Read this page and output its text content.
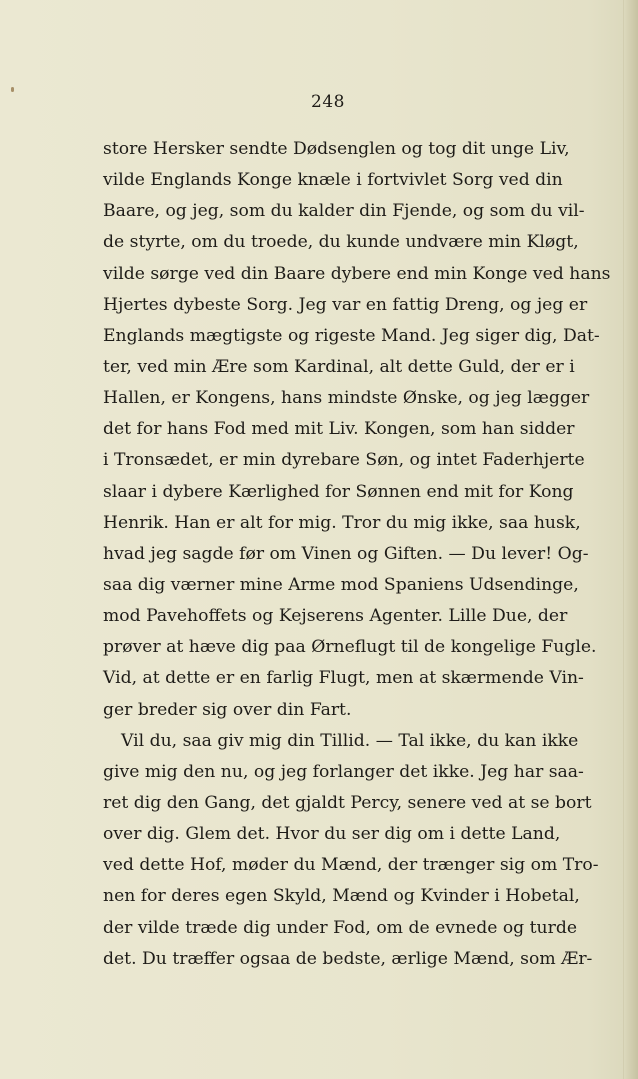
248
store Hersker sendte Dødsenglen og tog dit unge Liv,
vilde Englands Konge knæle i fortvivlet Sorg ved din
Baare, og jeg, som du kalder din Fjende, og som du vil-
de styrte, om du troede, du kunde undvære min Kløgt,
vilde sørge ved din Baare dybere end min Konge ved hans
Hjertes dybeste Sorg. Jeg var en fattig Dreng, og jeg er
Englands mægtigste og rigeste Mand. Jeg siger dig, Dat-
ter, ved min Ære som Kardinal, alt dette Guld, der er i
Hallen, er Kongens, hans mindste Ønske, og jeg lægger
det for hans Fod med mit Liv. Kongen, som han sidder
i Tronsædet, er min dyrebare Søn, og intet Faderhjerte
slaar i dybere Kærlighed for Sønnen end mit for Kong
Henrik. Han er alt for mig. Tror du mig ikke, saa husk,
hvad jeg sagde før om Vinen og Giften. — Du lever! Og-
saa dig værner mine Arme mod Spaniens Udsendinge,
mod Pavehoffets og Kejserens Agenter. Lille Due, der
prøver at hæve dig paa Ørneflugt til de kongelige Fugle.
Vid, at dette er en farlig Flugt, men at skærmende Vin-
ger breder sig over din Fart.
Vil du, saa giv mig din Tillid. — Tal ikke, du kan ikke
give mig den nu, og jeg forlanger det ikke. Jeg har saa-
ret dig den Gang, det gjaldt Percy, senere ved at se bort
over dig. Glem det. Hvor du ser dig om i dette Land,
ved dette Hof, møder du Mænd, der trænger sig om Tro-
nen for deres egen Skyld, Mænd og Kvinder i Hobetal,
der vilde træde dig under Fod, om de evnede og turde
det. Du træffer ogsaa de bedste, ærlige Mænd, som Ær-
